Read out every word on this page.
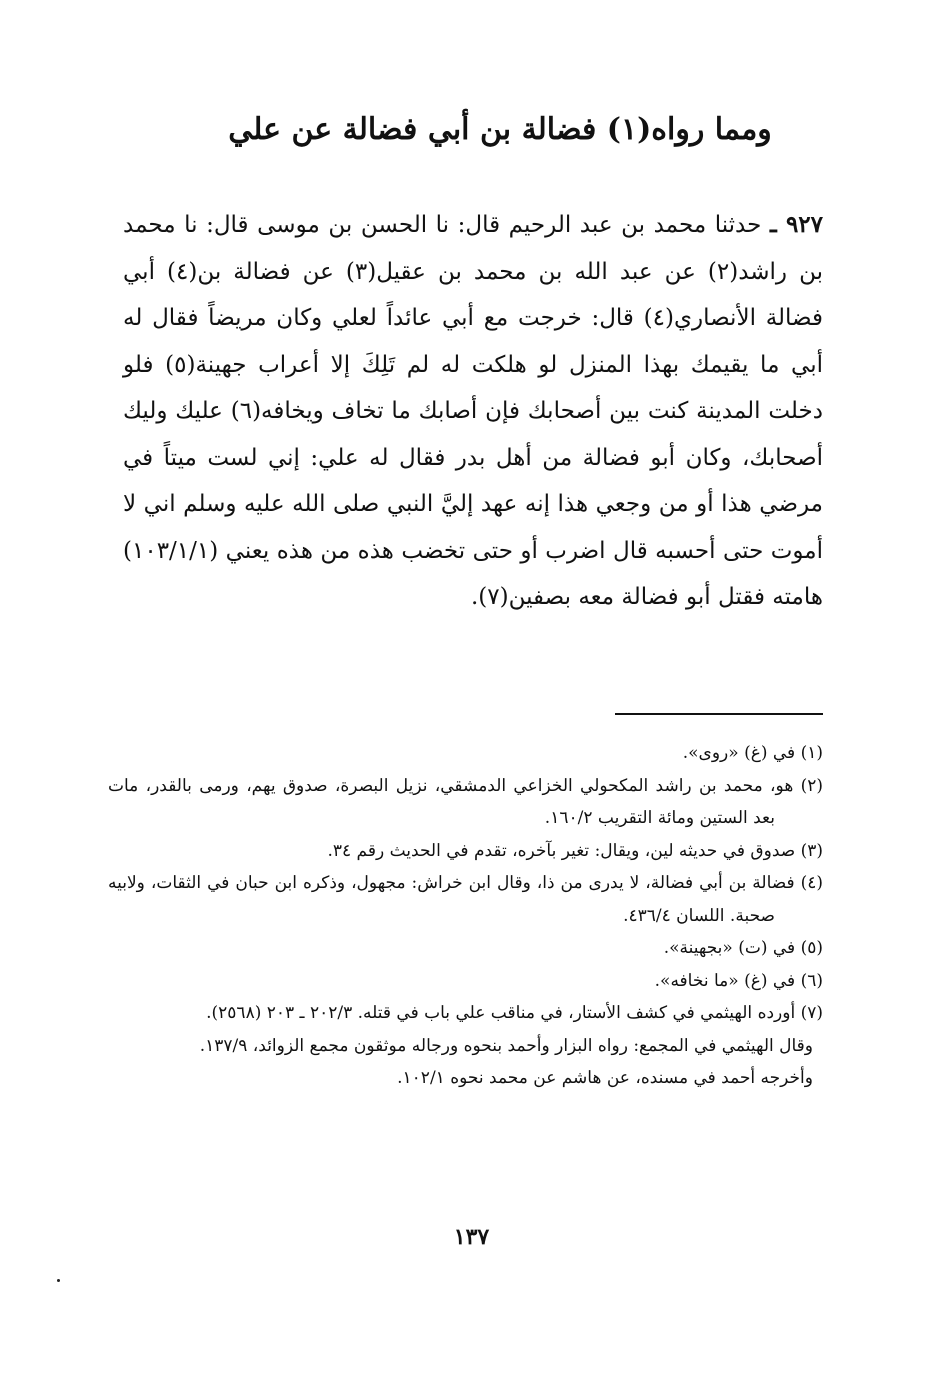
ومما رواه(١) فضالة بن أبي فضالة عن علي
٩٢٧ ـ حدثنا محمد بن عبد الرحيم قال: نا الحسن بن موسى قال: نا محمد بن راشد(٢) عن عبد الله بن محمد بن عقيل(٣) عن فضالة بن(٤) أبي فضالة الأنصاري(٤) قال: خرجت مع أبي عائداً لعلي وكان مريضاً فقال له أبي ما يقيمك بهذا المنزل لو هلكت له لم تَلِكَ إلا أعراب جهينة(٥) فلو دخلت المدينة كنت بين أصحابك فإن أصابك ما تخاف ويخافه(٦) عليك وليك أصحابك، وكان أبو فضالة من أهل بدر فقال له علي: إني لست ميتاً في مرضي هذا أو من وجعي هذا إنه عهد إليَّ النبي صلى الله عليه وسلم اني لا أموت حتى أحسبه قال اضرب أو حتى تخضب هذه من هذه يعني (١٠٣/١/١) هامته فقتل أبو فضالة معه بصفين(٧).

(١) في (غ) «روى».

(٢) هو، محمد بن راشد المكحولي الخزاعي الدمشقي، نزيل البصرة، صدوق يهم، ورمى بالقدر، مات بعد الستين ومائة التقريب ١٦٠/٢.

(٣) صدوق في حديثه لين، ويقال: تغير بآخره، تقدم في الحديث رقم ٣٤.

(٤) فضالة بن أبي فضالة، لا يدرى من ذا، وقال ابن خراش: مجهول، وذكره ابن حبان في الثقات، ولابيه صحبة. اللسان ٤٣٦/٤.

(٥) في (ت) «بجهينة».

(٦) في (غ) «ما نخافه».

(٧) أورده الهيثمي في كشف الأستار، في مناقب علي باب في قتله. ٢٠٢/٣ ـ ٢٠٣ (٢٥٦٨).

وقال الهيثمي في المجمع: رواه البزار وأحمد بنحوه ورجاله موثقون مجمع الزوائد، ١٣٧/٩.

وأخرجه أحمد في مسنده، عن هاشم عن محمد نحوه ١٠٢/١.

١٣٧
